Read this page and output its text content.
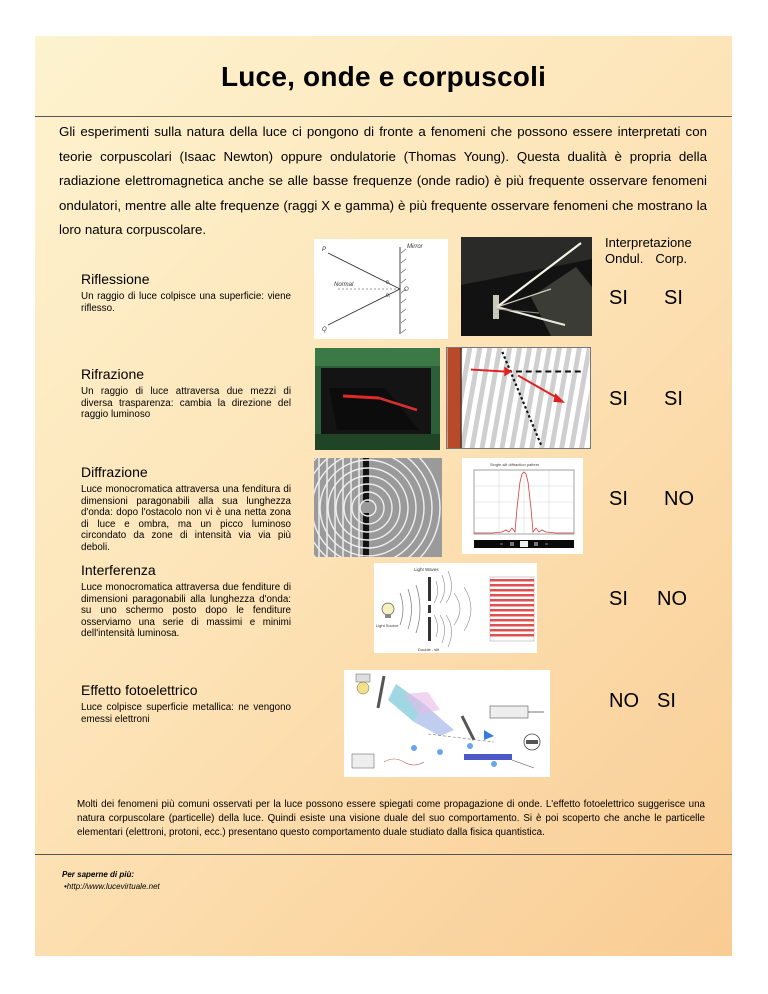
Luce, onde e corpuscoli
Gli esperimenti sulla natura della luce ci pongono di fronte a fenomeni che possono essere interpretati con teorie corpuscolari (Isaac Newton) oppure ondulatorie (Thomas Young). Questa dualità è propria della radiazione elettromagnetica anche se alle basse frequenze (onde radio) è più frequente osservare fenomeni ondulatori, mentre alle alte frequenze (raggi X e gamma) è più frequente osservare fenomeni che mostrano la loro natura corpuscolare.
Interpretazione
Ondul. Corp.
Riflessione
Un raggio di luce colpisce una superficie: viene riflesso.
Mirror
Normal
P
Q
O
θᵢ
θᵣ	SI SI
Rifrazione
Un raggio di luce attraversa due mezzi di diversa trasparenza: cambia la direzione del raggio luminoso
SI SI
Diffrazione
Luce monocromatica attraversa una fenditura di dimensioni paragonabili alla sua lunghezza d'onda: dopo l'ostacolo non vi è una netta zona di luce e ombra, ma un picco luminoso circondato da zone di intensità via via più deboli.
Single-slit diffraction pattern
SI NO
Interferenza
Luce monocromatica attraversa due fenditure di dimensioni paragonabili alla lunghezza d'onda: su uno schermo posto dopo le fenditure osserviamo una serie di massimi e minimi dell'intensità luminosa.
Light Waves
Light Source
Double - slit
SI NO
Effetto fotoelettrico
Luce colpisce superficie metallica: ne vengono emessi elettroni
NO SI
Molti dei fenomeni più comuni osservati per la luce possono essere spiegati come propagazione di onde. L'effetto fotoelettrico suggerisce una natura corpuscolare (particelle) della luce. Quindi esiste una visione duale del suo comportamento. Si è poi scoperto che anche le particelle elementari (elettroni, protoni, ecc.) presentano questo comportamento duale studiato dalla fisica quantistica.
Per saperne di più:
•http://www.lucevirtuale.net
